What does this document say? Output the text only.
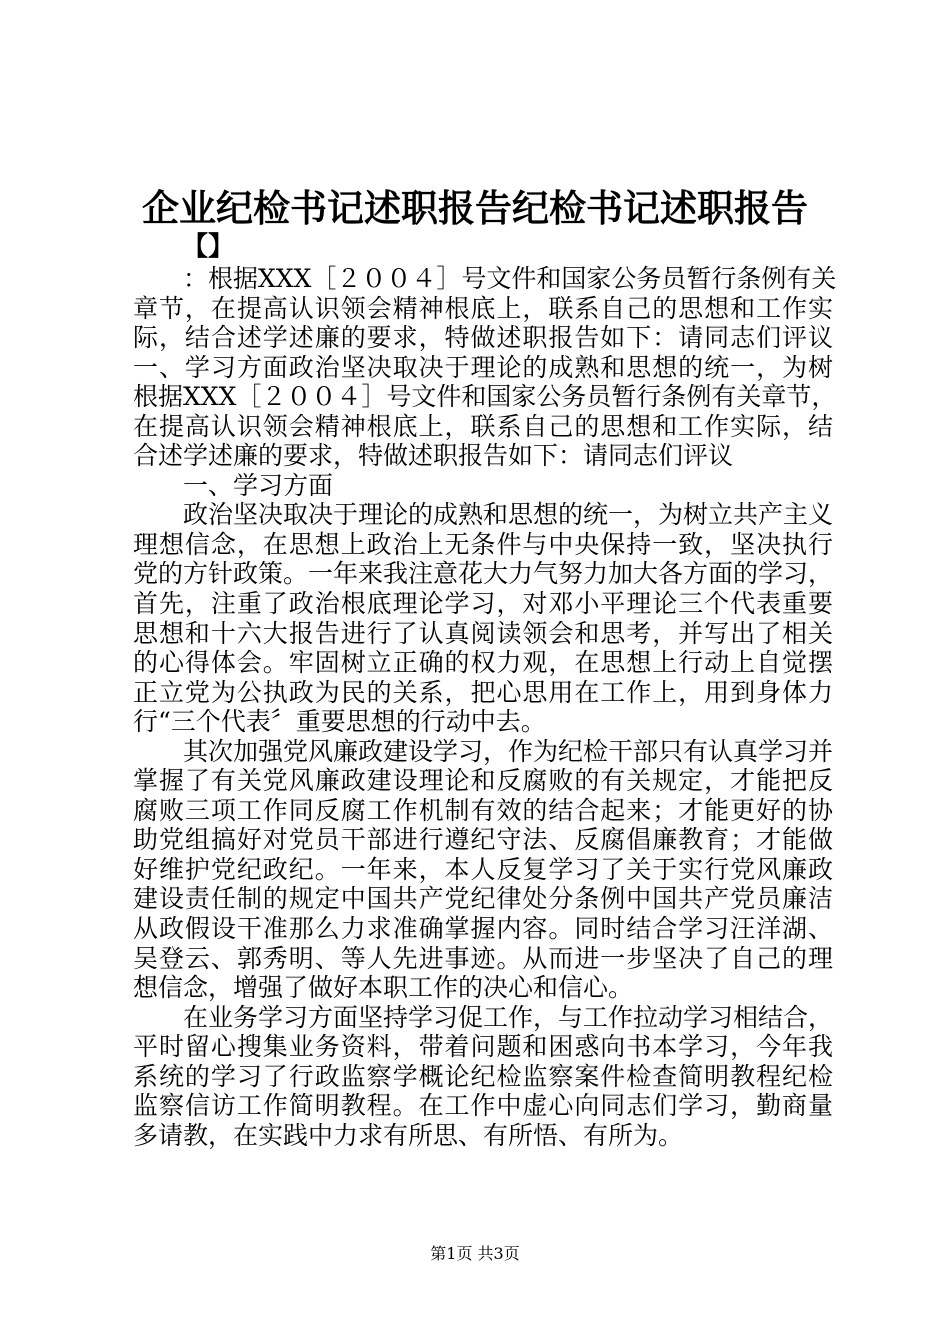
企业纪检书记述职报告纪检书记述职报告
【】
：根据XXX［２００４］号文件和国家公务员暂行条例有关
章节，在提高认识领会精神根底上，联系自己的思想和工作实
际，结合述学述廉的要求，特做述职报告如下：请同志们评议
一、学习方面政治坚决取决于理论的成熟和思想的统一，为树
根据XXX［２００４］号文件和国家公务员暂行条例有关章节，
在提高认识领会精神根底上，联系自己的思想和工作实际，结
合述学述廉的要求，特做述职报告如下：请同志们评议
一、学习方面
政治坚决取决于理论的成熟和思想的统一，为树立共产主义
理想信念，在思想上政治上无条件与中央保持一致，坚决执行
党的方针政策。一年来我注意花大力气努力加大各方面的学习，
首先，注重了政治根底理论学习，对邓小平理论三个代表重要
思想和十六大报告进行了认真阅读领会和思考，并写出了相关
的心得体会。牢固树立正确的权力观，在思想上行动上自觉摆
正立党为公执政为民的关系，把心思用在工作上，用到身体力
行“三个代表〞重要思想的行动中去。
其次加强党风廉政建设学习，作为纪检干部只有认真学习并
掌握了有关党风廉政建设理论和反腐败的有关规定，才能把反
腐败三项工作同反腐工作机制有效的结合起来；才能更好的协
助党组搞好对党员干部进行遵纪守法、反腐倡廉教育；才能做
好维护党纪政纪。一年来，本人反复学习了关于实行党风廉政
建设责任制的规定中国共产党纪律处分条例中国共产党员廉洁
从政假设干准那么力求准确掌握内容。同时结合学习汪洋湖、
吴登云、郭秀明、等人先进事迹。从而进一步坚决了自己的理
想信念，增强了做好本职工作的决心和信心。
在业务学习方面坚持学习促工作，与工作拉动学习相结合，
平时留心搜集业务资料，带着问题和困惑向书本学习，今年我
系统的学习了行政监察学概论纪检监察案件检查简明教程纪检
监察信访工作简明教程。在工作中虚心向同志们学习，勤商量
多请教，在实践中力求有所思、有所悟、有所为。
第1页 共3页
